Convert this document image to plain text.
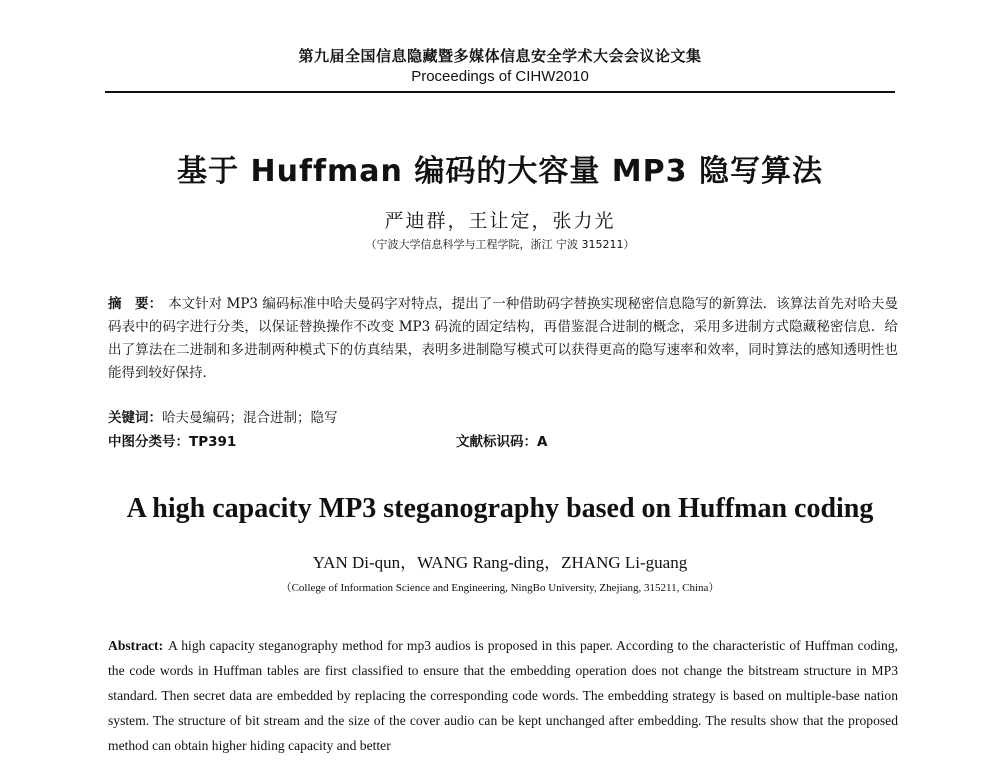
第九届全国信息隐藏暨多媒体信息安全学术大会会议论文集
Proceedings of CIHW2010
基于 Huffman 编码的大容量 MP3 隐写算法
严迪群，王让定，张力光
（宁波大学信息科学与工程学院，浙江 宁波 315211）
摘　要： 本文针对 MP3 编码标准中哈夫曼码字对特点，提出了一种借助码字替换实现秘密信息隐写的新算法．该算法首先对哈夫曼码表中的码字进行分类，以保证替换操作不改变 MP3 码流的固定结构，再借鉴混合进制的概念，采用多进制方式隐藏秘密信息．给出了算法在二进制和多进制两种模式下的仿真结果，表明多进制隐写模式可以获得更高的隐写速率和效率，同时算法的感知透明性也能得到较好保持．
关键词：哈夫曼编码；混合进制；隐写
中图分类号：TP391	文献标识码：A
A high capacity MP3 steganography based on Huffman coding
YAN Di-qun，WANG Rang-ding，ZHANG Li-guang
（College of Information Science and Engineering, NingBo University, Zhejiang, 315211, China）
Abstract: A high capacity steganography method for mp3 audios is proposed in this paper. According to the characteristic of Huffman coding, the code words in Huffman tables are first classified to ensure that the embedding operation does not change the bitstream structure in MP3 standard. Then secret data are embedded by replacing the corresponding code words. The embedding strategy is based on multiple-base nation system. The structure of bit stream and the size of the cover audio can be kept unchanged after embedding. The results show that the proposed method can obtain higher hiding capacity and better
